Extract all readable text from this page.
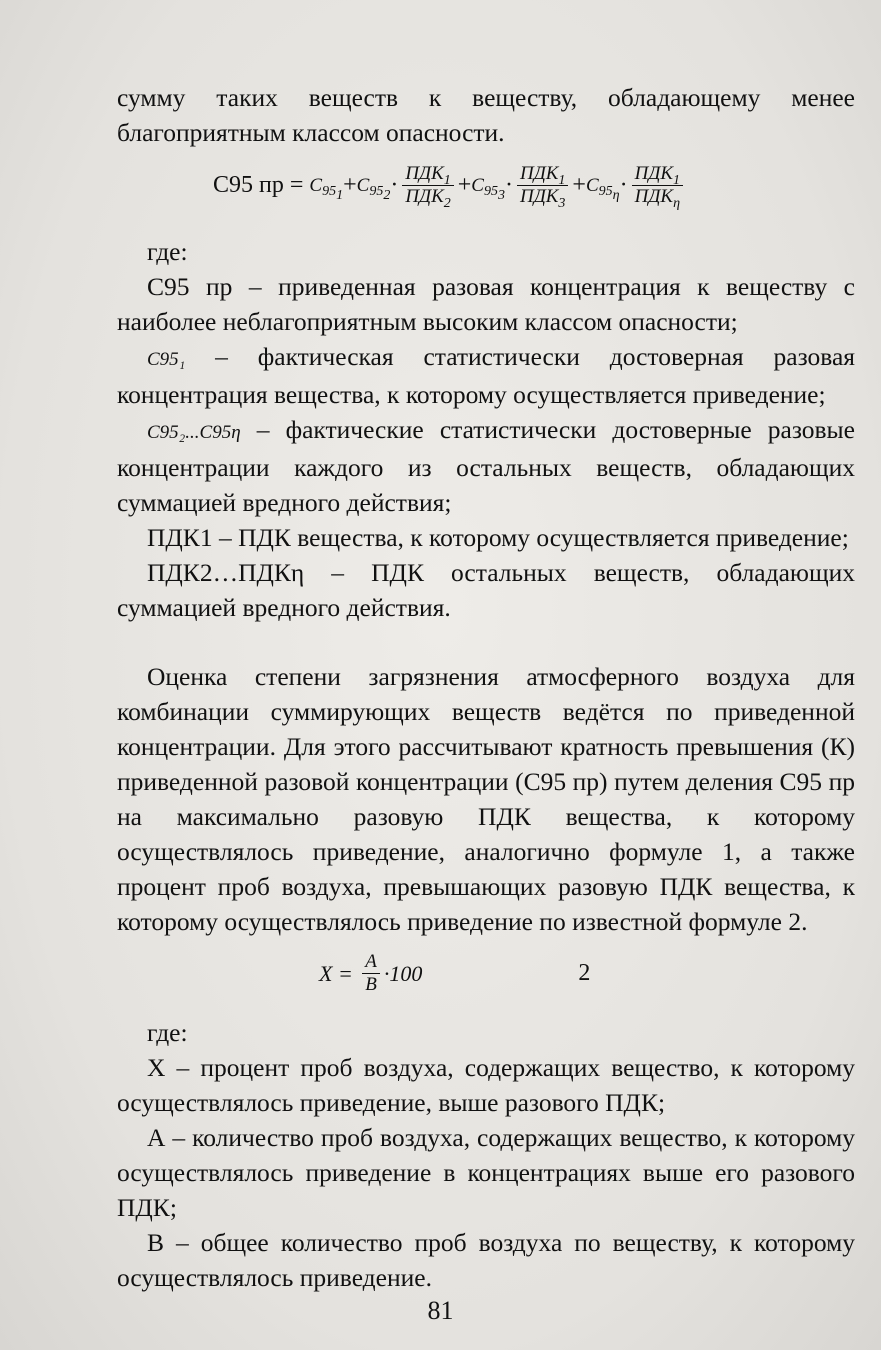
сумму таких веществ к веществу, обладающему менее благоприятным классом опасности.

С95 пр =
$C_{95_1} + C_{95_2} \cdot \frac{ПДК_1}{ПДК_2} + C_{95_3} \cdot \frac{ПДК_1}{ПДК_3} + C_{95_\eta} \cdot \frac{ПДК_1}{ПДК_\eta}$

где:

С95 пр – приведенная разовая концентрация к веществу с наиболее неблагоприятным высоким классом опасности;

C95₁ – фактическая статистически достоверная разовая концентрация вещества, к которому осуществляется приведение;

C95₂...C95η – фактические статистически достоверные разовые концентрации каждого из остальных веществ, обладающих суммацией вредного действия;

ПДК1 – ПДК вещества, к которому осуществляется приведение;

ПДК2…ПДКη – ПДК остальных веществ, обладающих суммацией вредного действия.

Оценка степени загрязнения атмосферного воздуха для комбинации суммирующих веществ ведётся по приведенной концентрации. Для этого рассчитывают кратность превышения (К) приведенной разовой концентрации (С95 пр) путем деления С95 пр на максимально разовую ПДК вещества, к которому осуществлялось приведение, аналогично формуле 1, а также процент проб воздуха, превышающих разовую ПДК вещества, к которому осуществлялось приведение по известной формуле 2.

X =
$\frac{A}{B} \cdot 100$	2

где:

Х – процент проб воздуха, содержащих вещество, к которому осуществлялось приведение, выше разового ПДК;

А – количество проб воздуха, содержащих вещество, к которому осуществлялось приведение в концентрациях выше его разового ПДК;

В – общее количество проб воздуха по веществу, к которому осуществлялось приведение.

81
